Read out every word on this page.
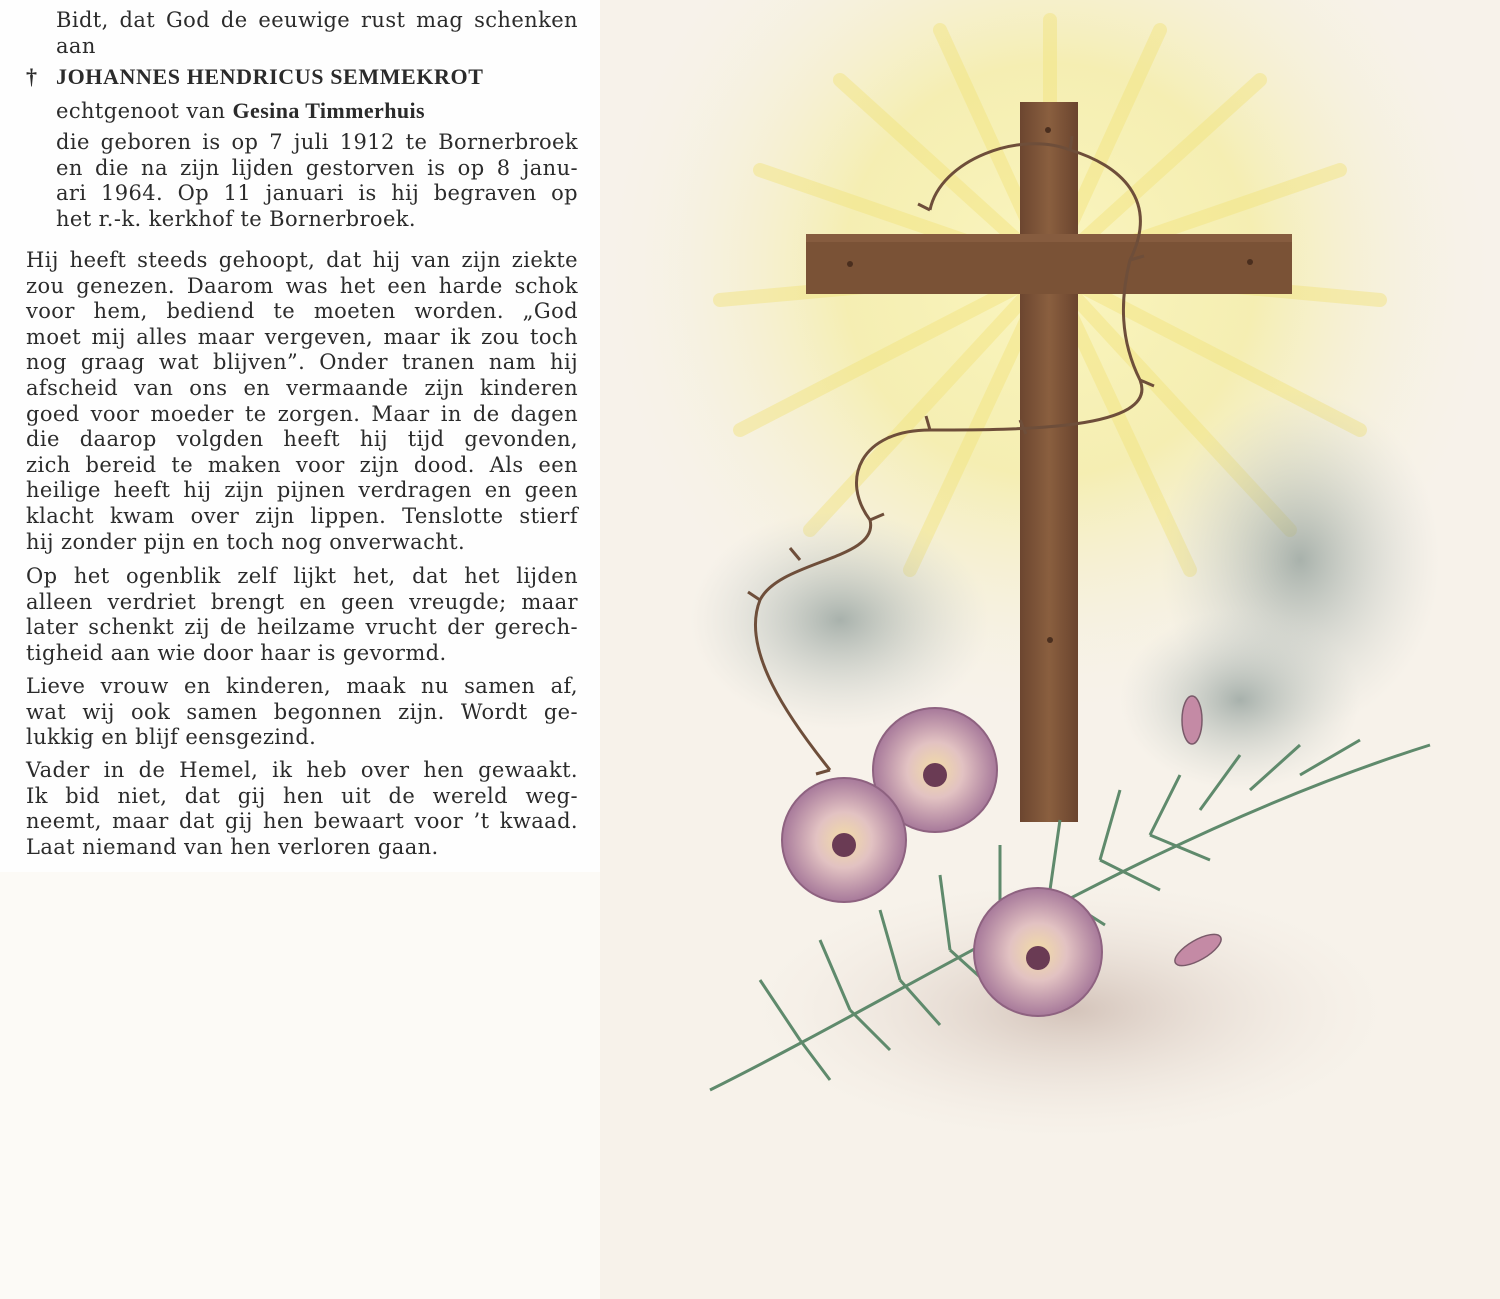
Bidt, dat God de eeuwige rust mag schenken
aan
† JOHANNES HENDRICUS SEMMEKROT
echtgenoot van Gesina Timmerhuis
die geboren is op 7 juli 1912 te Bornerbroek
en die na zijn lijden gestorven is op 8 janu-
ari 1964. Op 11 januari is hij begraven op
het r.-k. kerkhof te Bornerbroek.
Hij heeft steeds gehoopt, dat hij van zijn ziekte
zou genezen. Daarom was het een harde schok
voor hem, bediend te moeten worden. „God
moet mij alles maar vergeven, maar ik zou toch
nog graag wat blijven”. Onder tranen nam hij
afscheid van ons en vermaande zijn kinderen
goed voor moeder te zorgen. Maar in de dagen
die daarop volgden heeft hij tijd gevonden,
zich bereid te maken voor zijn dood. Als een
heilige heeft hij zijn pijnen verdragen en geen
klacht kwam over zijn lippen. Tenslotte stierf
hij zonder pijn en toch nog onverwacht.
Op het ogenblik zelf lijkt het, dat het lijden
alleen verdriet brengt en geen vreugde; maar
later schenkt zij de heilzame vrucht der gerech-
tigheid aan wie door haar is gevormd.
Lieve vrouw en kinderen, maak nu samen af,
wat wij ook samen begonnen zijn. Wordt ge-
lukkig en blijf eensgezind.
Vader in de Hemel, ik heb over hen gewaakt.
Ik bid niet, dat gij hen uit de wereld weg-
neemt, maar dat gij hen bewaart voor ’t kwaad.
Laat niemand van hen verloren gaan.
